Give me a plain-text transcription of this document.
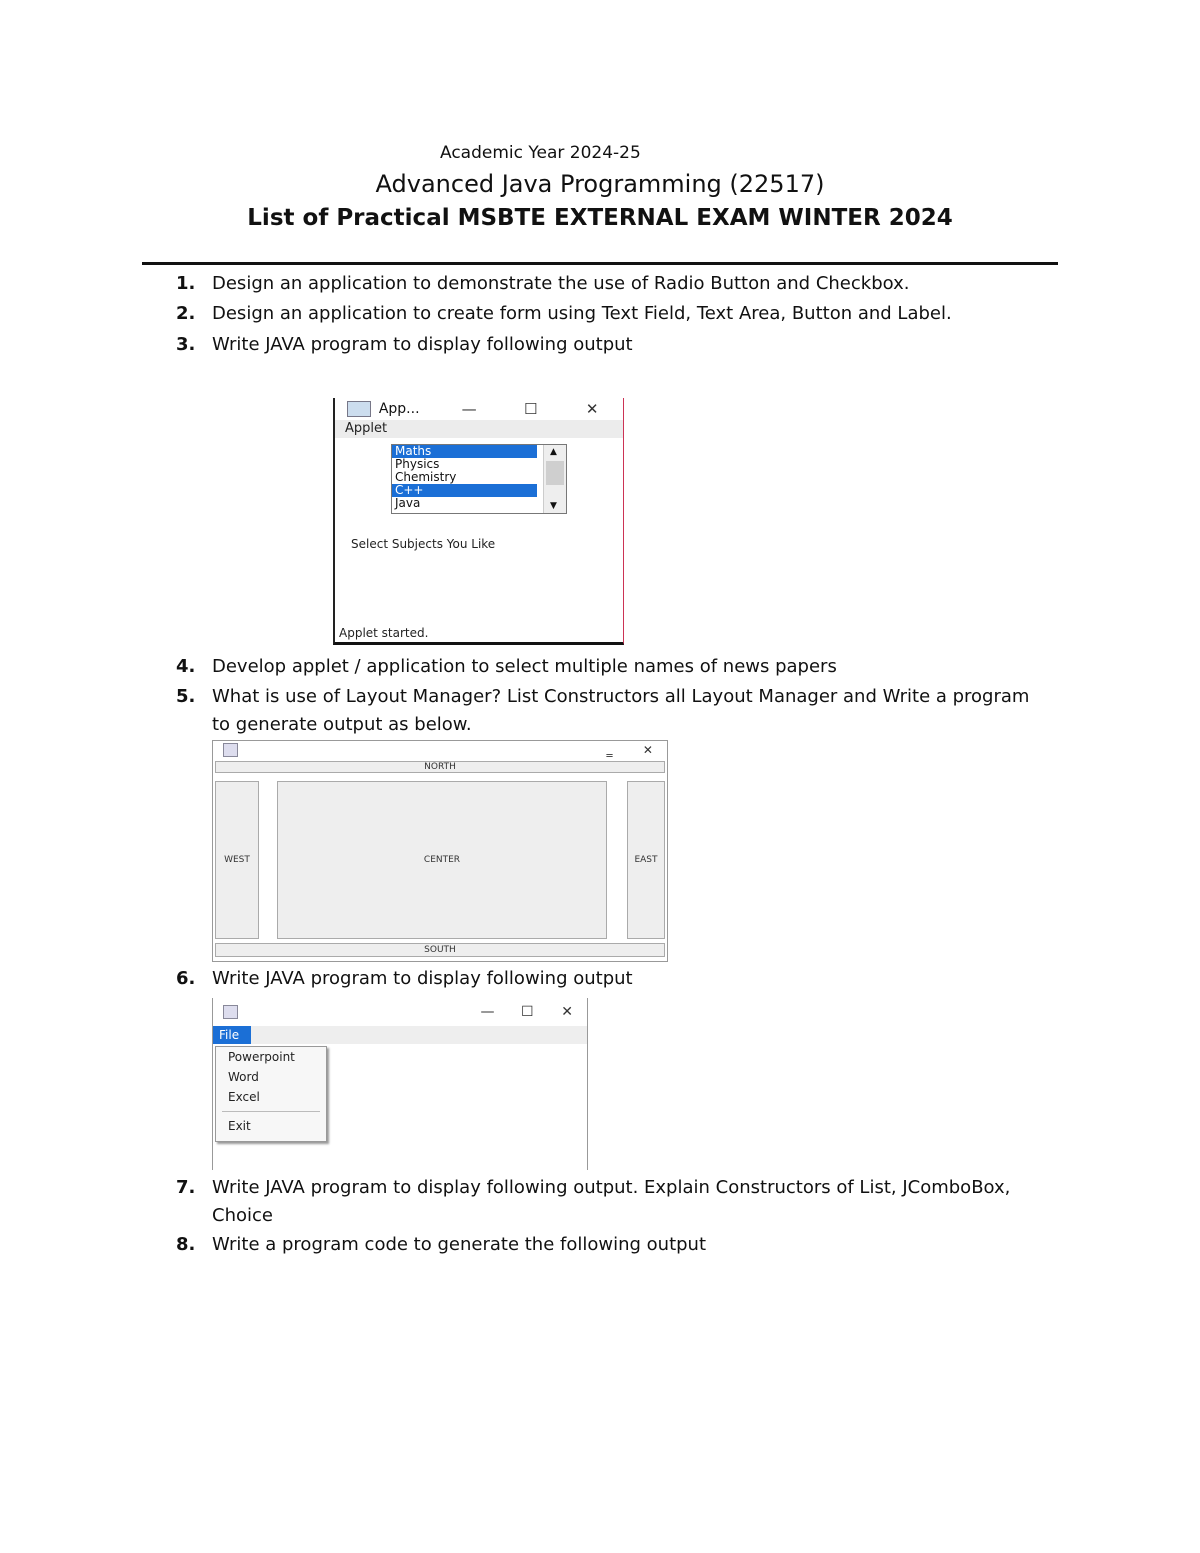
Academic Year 2024-25
Advanced Java Programming (22517)
List of Practical MSBTE EXTERNAL EXAM WINTER 2024
1.Design an application to demonstrate the use of Radio Button and Checkbox.
2. Design an application to create form using Text Field, Text Area, Button and Label.
3. Write JAVA program to display following output
App...	—	☐	✕
Applet
Maths
Physics
Chemistry
C++
Java
▲
▼
Select Subjects You Like
Applet started.
4. Develop applet / application to select multiple names of news papers
5. What is use of Layout Manager? List Constructors all Layout Manager and Write a program to generate output as below.
‗	✕
NORTH
WEST	CENTER	EAST
SOUTH
6. Write JAVA program to display following output
—	☐	✕
File
Powerpoint
Word
Excel
Exit
7. Write JAVA program to display following output. Explain Constructors of List, JComboBox, Choice
8. Write a program code to generate the following output
